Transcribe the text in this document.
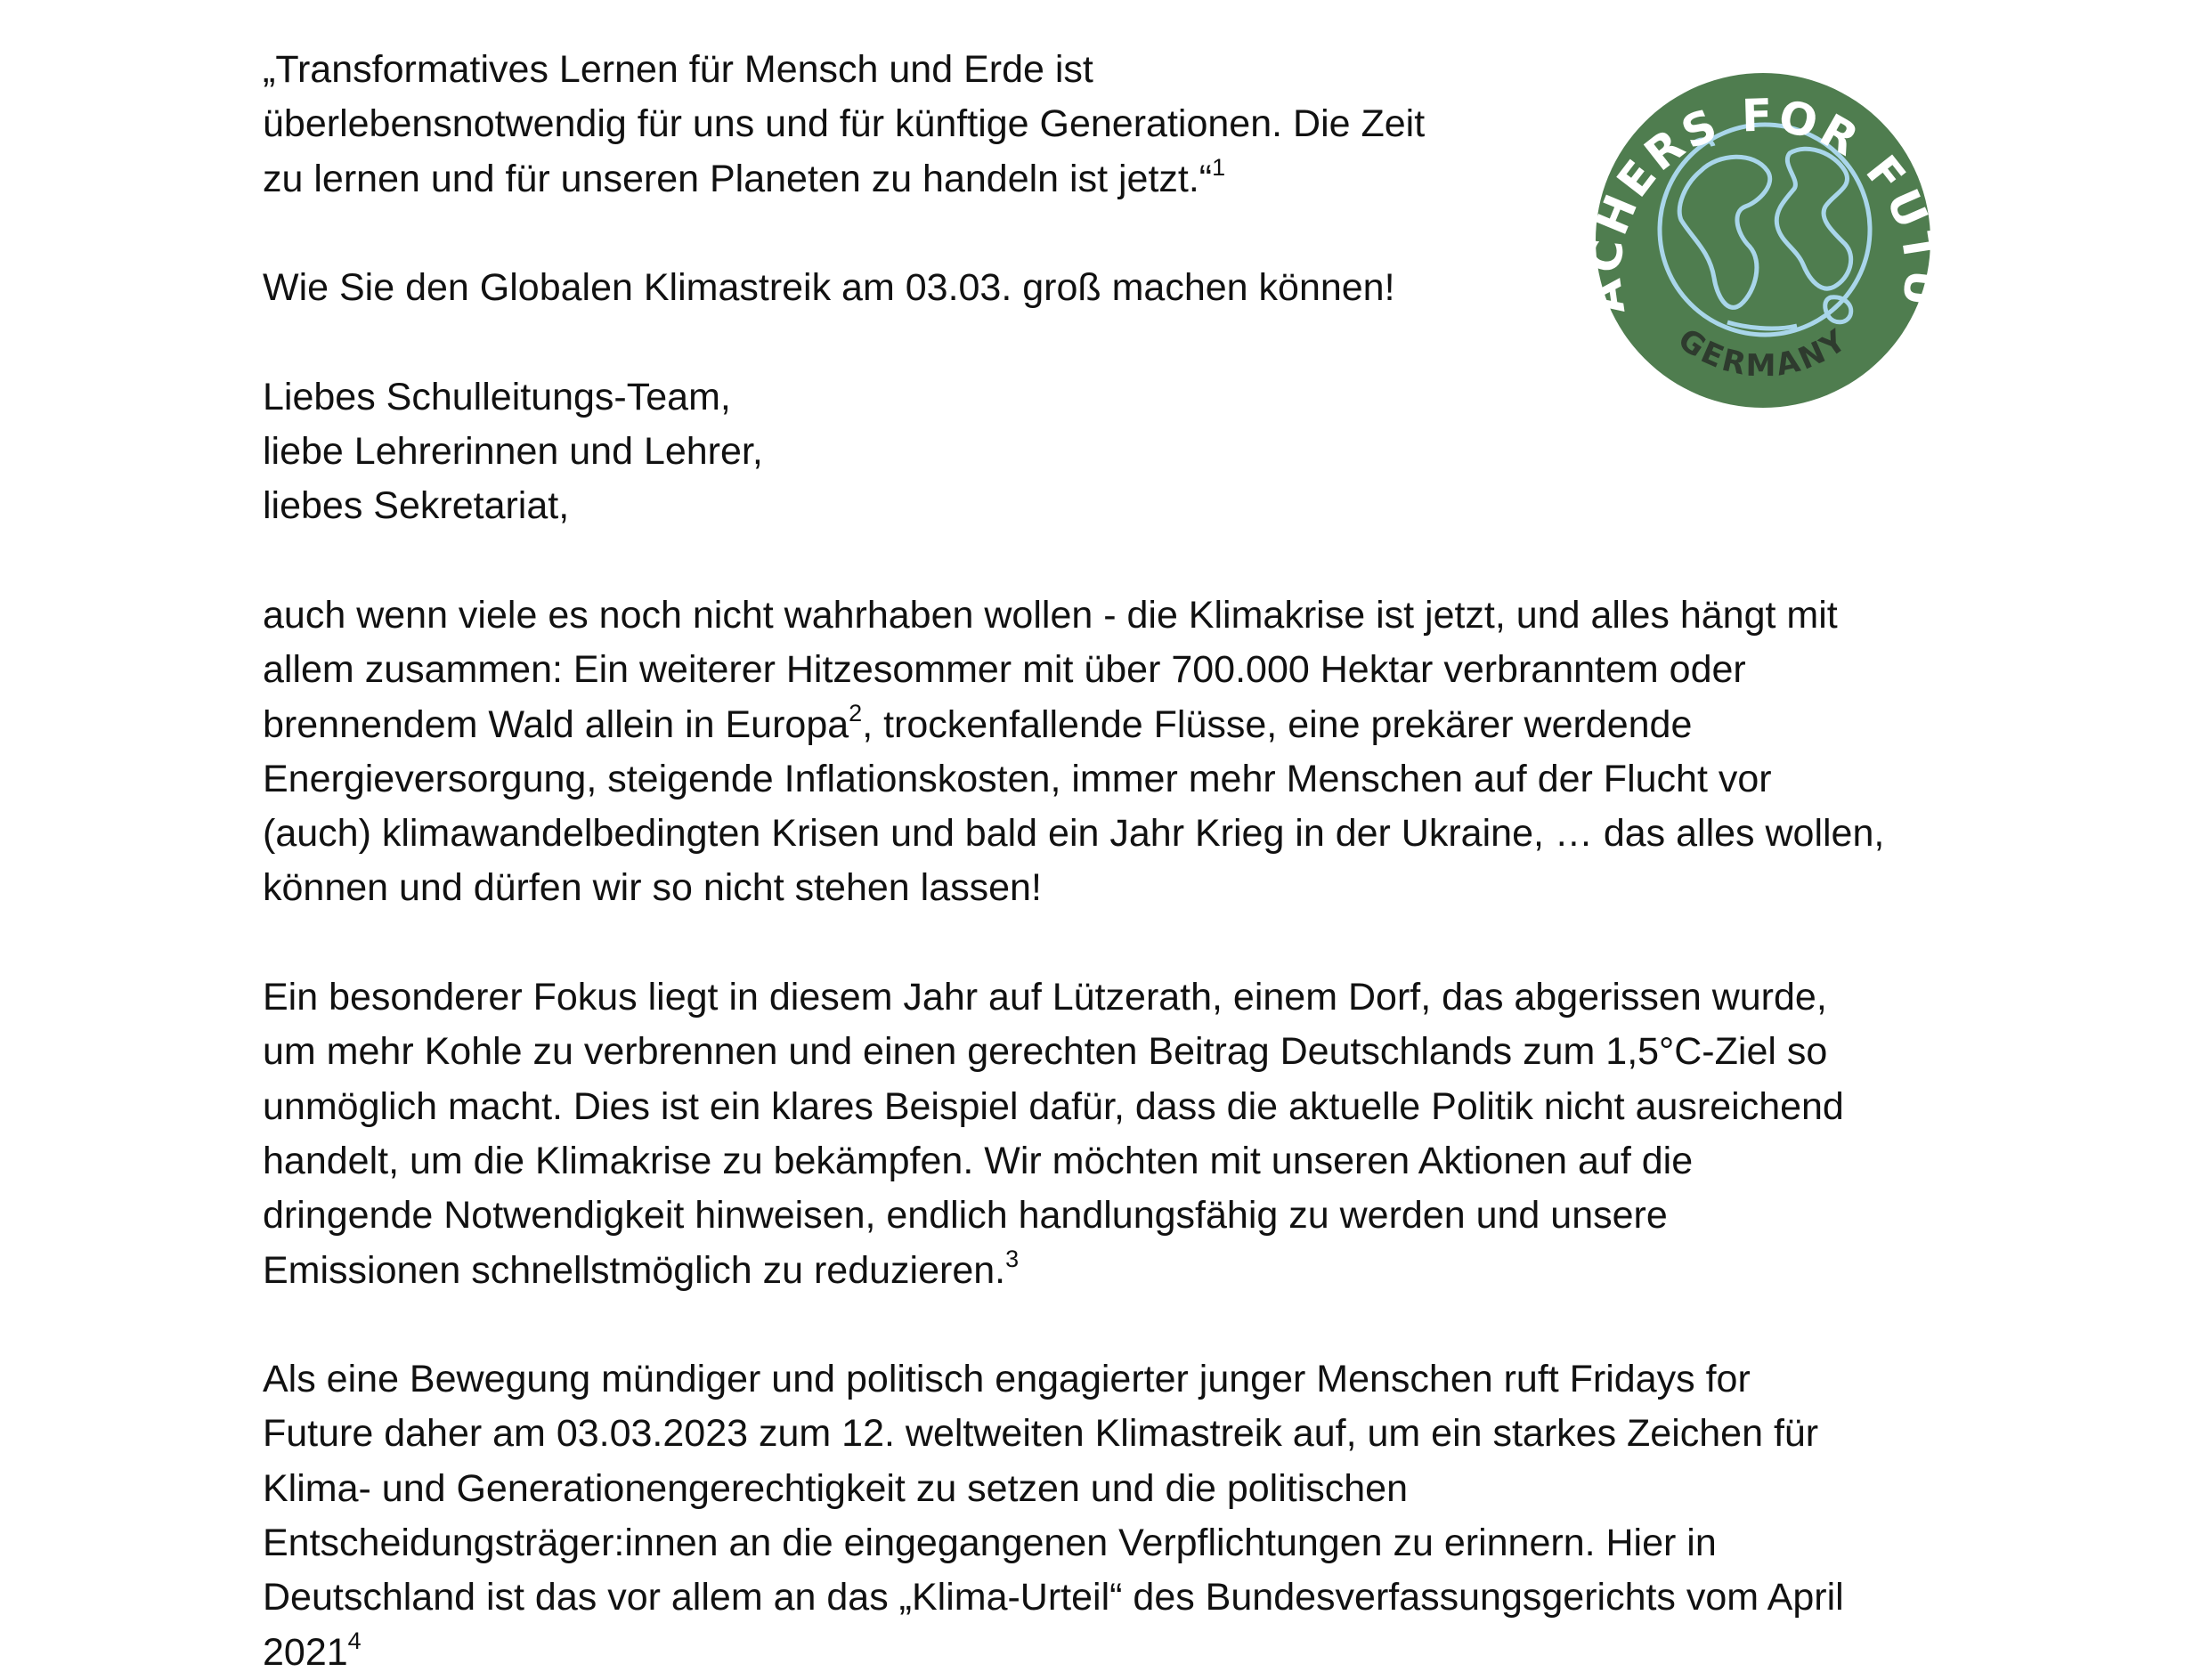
„Transformatives Lernen für Mensch und Erde ist

überlebensnotwendig für uns und für künftige Generationen. Die Zeit

zu lernen und für unseren Planeten zu handeln ist jetzt.“$^1$

Wie Sie den Globalen Klimastreik am 03.03. groß machen können!

Liebes Schulleitungs-Team,

liebe Lehrerinnen und Lehrer,

liebes Sekretariat,

auch wenn viele es noch nicht wahrhaben wollen - die Klimakrise ist jetzt, und alles hängt mit

allem zusammen: Ein weiterer Hitzesommer mit über 700.000 Hektar verbranntem oder

brennendem Wald allein in Europa$^2$, trockenfallende Flüsse, eine prekärer werdende

Energieversorgung, steigende Inflationskosten, immer mehr Menschen auf der Flucht vor

(auch) klimawandelbedingten Krisen und bald ein Jahr Krieg in der Ukraine, … das alles wollen,

können und dürfen wir so nicht stehen lassen!

Ein besonderer Fokus liegt in diesem Jahr auf Lützerath, einem Dorf, das abgerissen wurde,

um mehr Kohle zu verbrennen und einen gerechten Beitrag Deutschlands zum 1,5°C-Ziel so

unmöglich macht. Dies ist ein klares Beispiel dafür, dass die aktuelle Politik nicht ausreichend

handelt, um die Klimakrise zu bekämpfen. Wir möchten mit unseren Aktionen auf die

dringende Notwendigkeit hinweisen, endlich handlungsfähig zu werden und unsere

Emissionen schnellstmöglich zu reduzieren.$^3$

Als eine Bewegung mündiger und politisch engagierter junger Menschen ruft Fridays for

Future daher am 03.03.2023 zum 12. weltweiten Klimastreik auf, um ein starkes Zeichen für

Klima- und Generationengerechtigkeit zu setzen und die politischen

Entscheidungsträger:innen an die eingegangenen Verpflichtungen zu erinnern. Hier in

Deutschland ist das vor allem an das „Klima-Urteil“ des Bundesverfassungsgerichts vom April

2021$^4$

ACHERS FOR FUTU
GERMANY
